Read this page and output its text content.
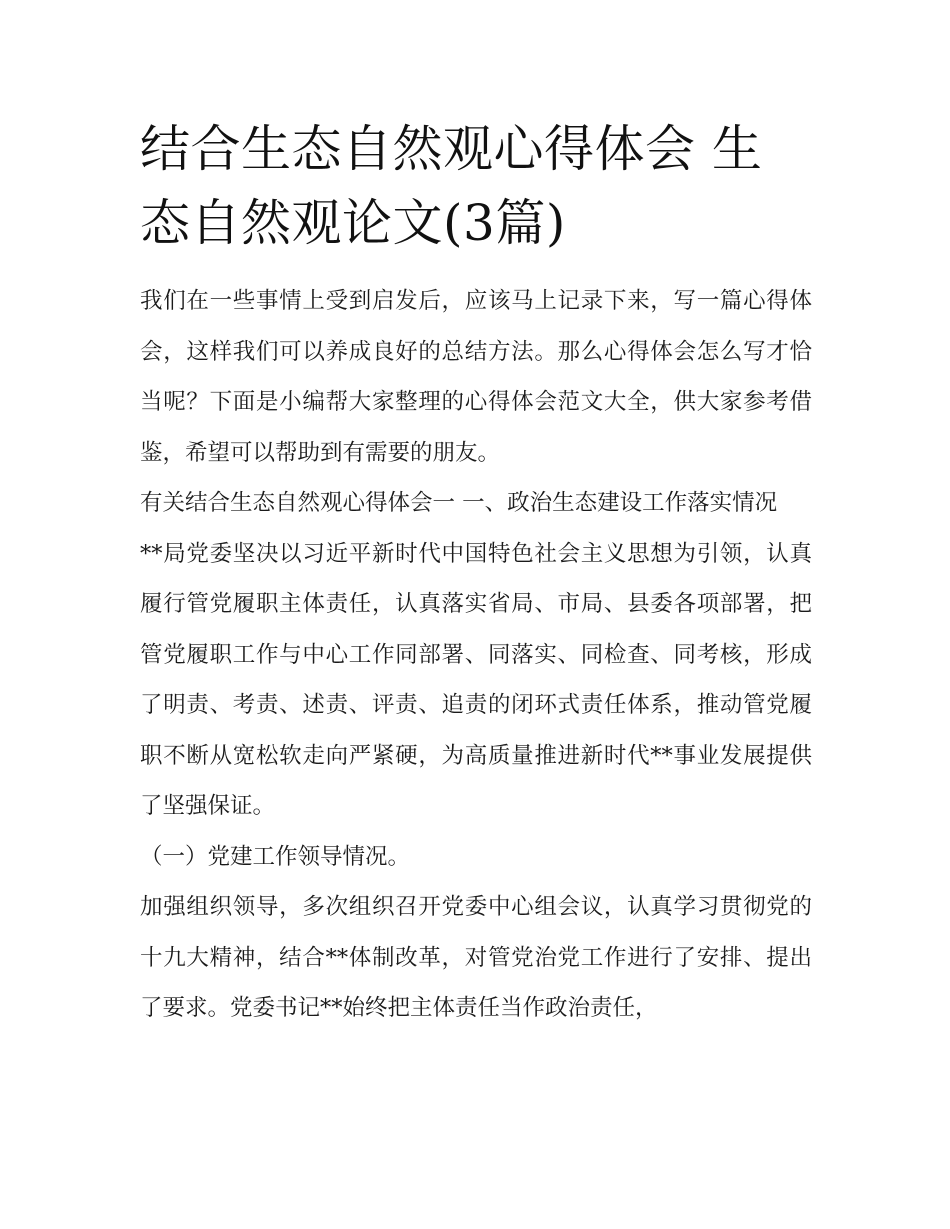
结合生态自然观心得体会 生态自然观论文(3篇)

我们在一些事情上受到启发后，应该马上记录下来，写一篇心得体会，这样我们可以养成良好的总结方法。那么心得体会怎么写才恰当呢？下面是小编帮大家整理的心得体会范文大全，供大家参考借鉴，希望可以帮助到有需要的朋友。

有关结合生态自然观心得体会一 一、政治生态建设工作落实情况

**局党委坚决以习近平新时代中国特色社会主义思想为引领，认真履行管党履职主体责任，认真落实省局、市局、县委各项部署，把管党履职工作与中心工作同部署、同落实、同检查、同考核，形成了明责、考责、述责、评责、追责的闭环式责任体系，推动管党履职不断从宽松软走向严紧硬，为高质量推进新时代**事业发展提供了坚强保证。

（一）党建工作领导情况。

加强组织领导，多次组织召开党委中心组会议，认真学习贯彻党的十九大精神，结合**体制改革，对管党治党工作进行了安排、提出了要求。党委书记**始终把主体责任当作政治责任，
